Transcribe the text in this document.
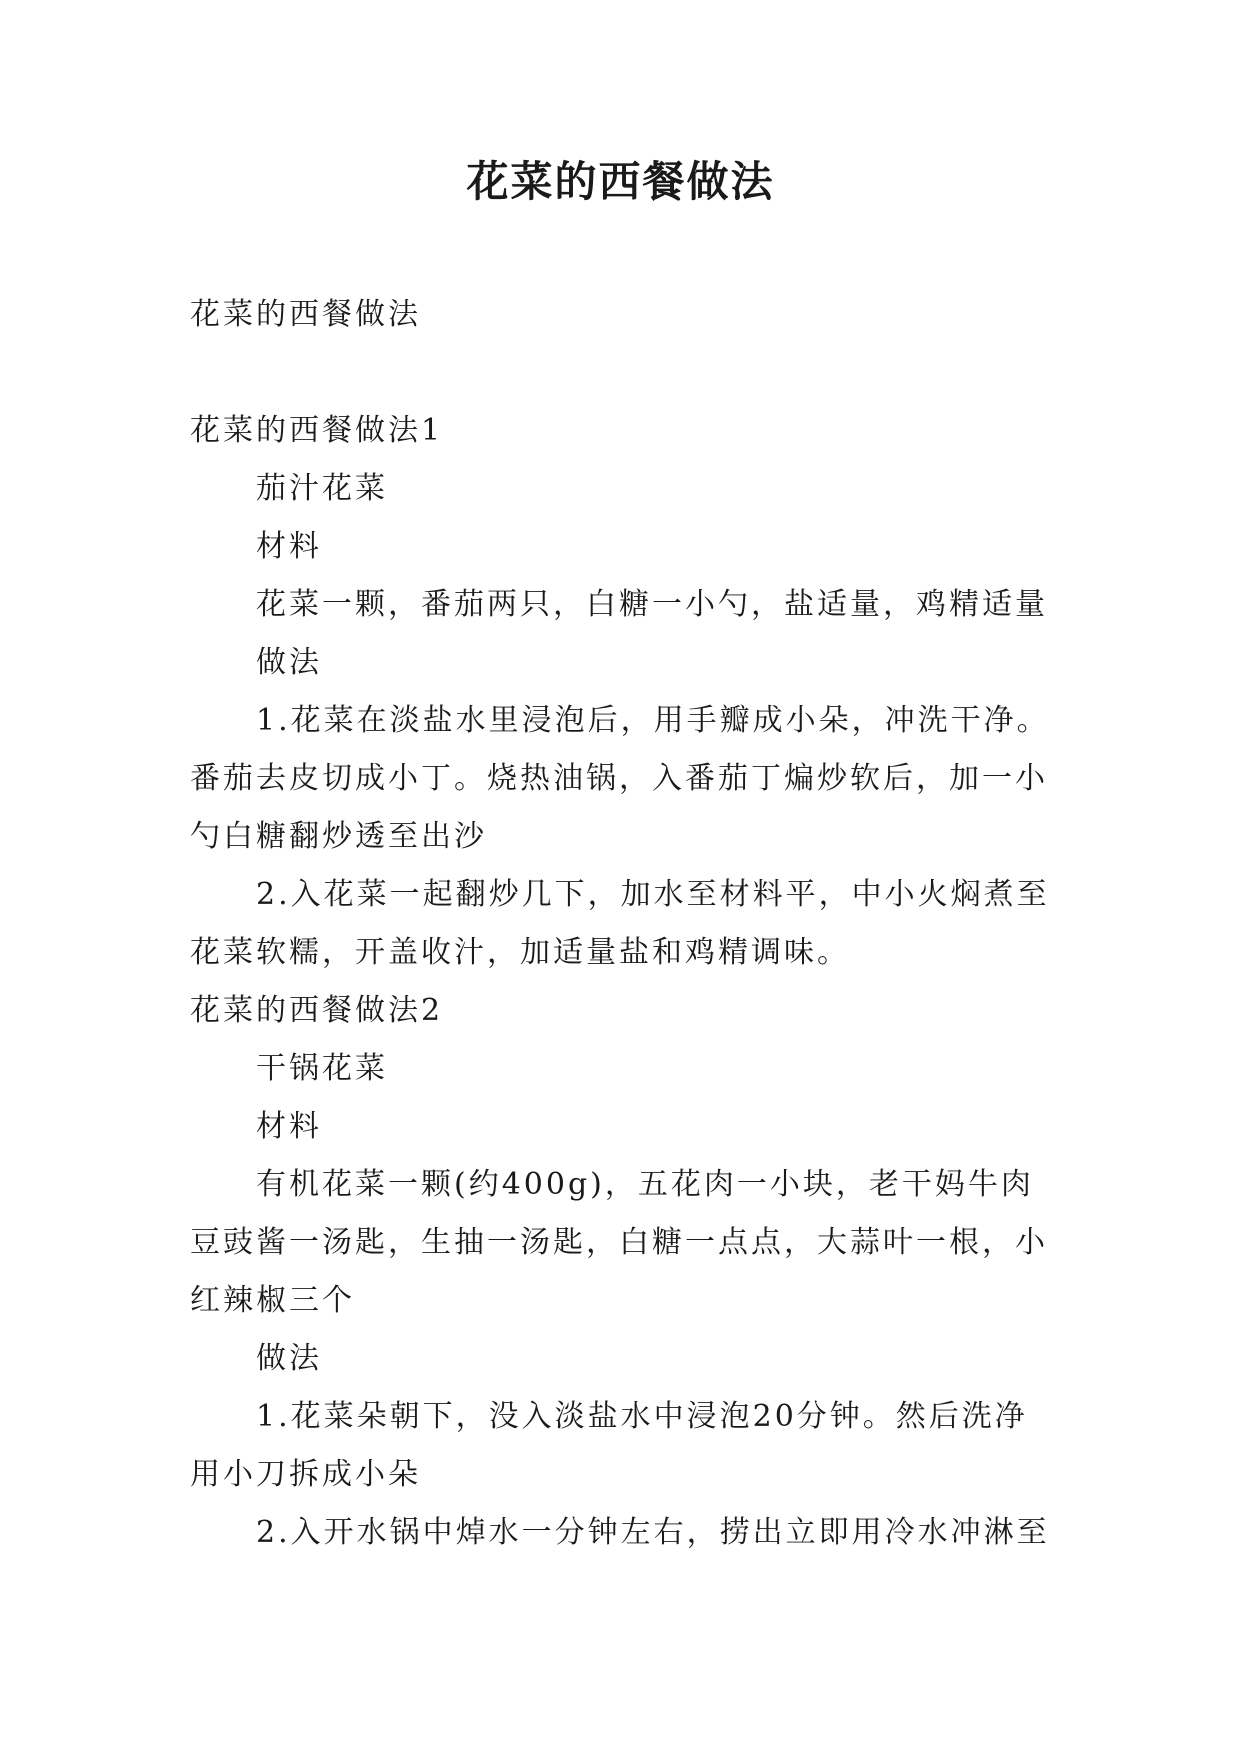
花菜的西餐做法

花菜的西餐做法

花菜的西餐做法1

茄汁花菜

材料

花菜一颗，番茄两只，白糖一小勺，盐适量，鸡精适量

做法

1.花菜在淡盐水里浸泡后，用手瓣成小朵，冲洗干净。番茄去皮切成小丁。烧热油锅，入番茄丁煸炒软后，加一小勺白糖翻炒透至出沙

2.入花菜一起翻炒几下，加水至材料平，中小火焖煮至花菜软糯，开盖收汁，加适量盐和鸡精调味。

花菜的西餐做法2

干锅花菜

材料

有机花菜一颗(约400g)，五花肉一小块，老干妈牛肉豆豉酱一汤匙，生抽一汤匙，白糖一点点，大蒜叶一根，小红辣椒三个

做法

1.花菜朵朝下，没入淡盐水中浸泡20分钟。然后洗净用小刀拆成小朵

2.入开水锅中焯水一分钟左右，捞出立即用冷水冲淋至
